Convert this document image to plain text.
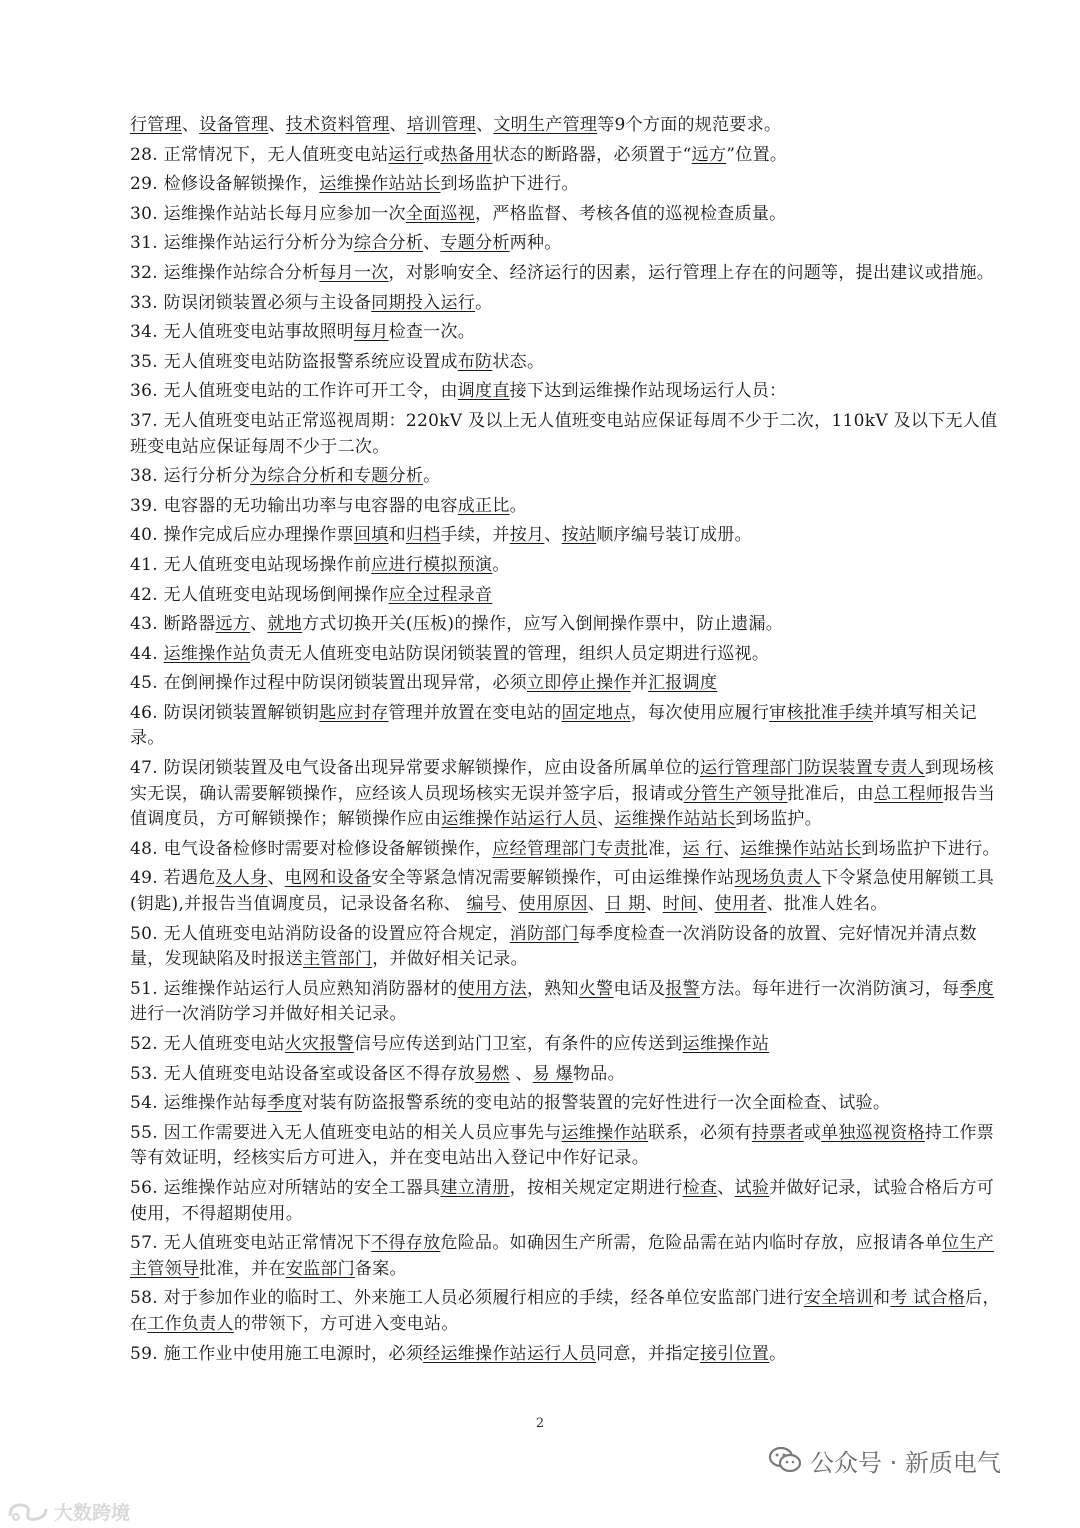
行管理、设备管理、技术资料管理、培训管理、文明生产管理等9个方面的规范要求。

28. 正常情况下，无人值班变电站运行或热备用状态的断路器，必须置于“远方”位置。

29. 检修设备解锁操作，运维操作站站长到场监护下进行。

30. 运维操作站站长每月应参加一次全面巡视，严格监督、考核各值的巡视检查质量。

31. 运维操作站运行分析分为综合分析、专题分析两种。

32. 运维操作站综合分析每月一次，对影响安全、经济运行的因素，运行管理上存在的问题等，提出建议或措施。

33. 防误闭锁装置必须与主设备同期投入运行。

34. 无人值班变电站事故照明每月检查一次。

35. 无人值班变电站防盗报警系统应设置成布防状态。

36. 无人值班变电站的工作许可开工令，由调度直接下达到运维操作站现场运行人员：

37. 无人值班变电站正常巡视周期：220kV 及以上无人值班变电站应保证每周不少于二次，110kV 及以下无人值班变电站应保证每周不少于二次。

38. 运行分析分为综合分析和专题分析。

39. 电容器的无功输出功率与电容器的电容成正比。

40. 操作完成后应办理操作票回填和归档手续，并按月、按站顺序编号装订成册。

41. 无人值班变电站现场操作前应进行模拟预演。

42. 无人值班变电站现场倒闸操作应全过程录音

43. 断路器远方、就地方式切换开关(压板)的操作，应写入倒闸操作票中，防止遗漏。

44. 运维操作站负责无人值班变电站防误闭锁装置的管理，组织人员定期进行巡视。

45. 在倒闸操作过程中防误闭锁装置出现异常，必须立即停止操作并汇报调度

46. 防误闭锁装置解锁钥匙应封存管理并放置在变电站的固定地点，每次使用应履行审核批准手续并填写相关记录。

47. 防误闭锁装置及电气设备出现异常要求解锁操作，应由设备所属单位的运行管理部门防误装置专责人到现场核实无误，确认需要解锁操作，应经该人员现场核实无误并签字后，报请或分管生产领导批准后，由总工程师报告当值调度员，方可解锁操作；解锁操作应由运维操作站运行人员、运维操作站站长到场监护。

48. 电气设备检修时需要对检修设备解锁操作，应经管理部门专责批准，运 行、运维操作站站长到场监护下进行。

49. 若遇危及人身、电网和设备安全等紧急情况需要解锁操作，可由运维操作站现场负责人下令紧急使用解锁工具(钥匙),并报告当值调度员，记录设备名称、 编号、使用原因、日 期、时间、使用者、批准人姓名。

50. 无人值班变电站消防设备的设置应符合规定，消防部门每季度检查一次消防设备的放置、完好情况并清点数量，发现缺陷及时报送主管部门，并做好相关记录。

51. 运维操作站运行人员应熟知消防器材的使用方法，熟知火警电话及报警方法。每年进行一次消防演习，每季度进行一次消防学习并做好相关记录。

52. 无人值班变电站火灾报警信号应传送到站门卫室，有条件的应传送到运维操作站

53. 无人值班变电站设备室或设备区不得存放易燃 、易 爆物品。

54. 运维操作站每季度对装有防盗报警系统的变电站的报警装置的完好性进行一次全面检查、试验。

55. 因工作需要进入无人值班变电站的相关人员应事先与运维操作站联系，必须有持票者或单独巡视资格持工作票等有效证明，经核实后方可进入，并在变电站出入登记中作好记录。

56. 运维操作站应对所辖站的安全工器具建立清册，按相关规定定期进行检查、试验并做好记录，试验合格后方可使用，不得超期使用。

57. 无人值班变电站正常情况下不得存放危险品。如确因生产所需，危险品需在站内临时存放，应报请各单位生产主管领导批准，并在安监部门备案。

58. 对于参加作业的临时工、外来施工人员必须履行相应的手续，经各单位安监部门进行安全培训和考 试合格后，在工作负责人的带领下，方可进入变电站。

59. 施工作业中使用施工电源时，必须经运维操作站运行人员同意，并指定接引位置。

2
公众号 · 新质电气
大数跨境
